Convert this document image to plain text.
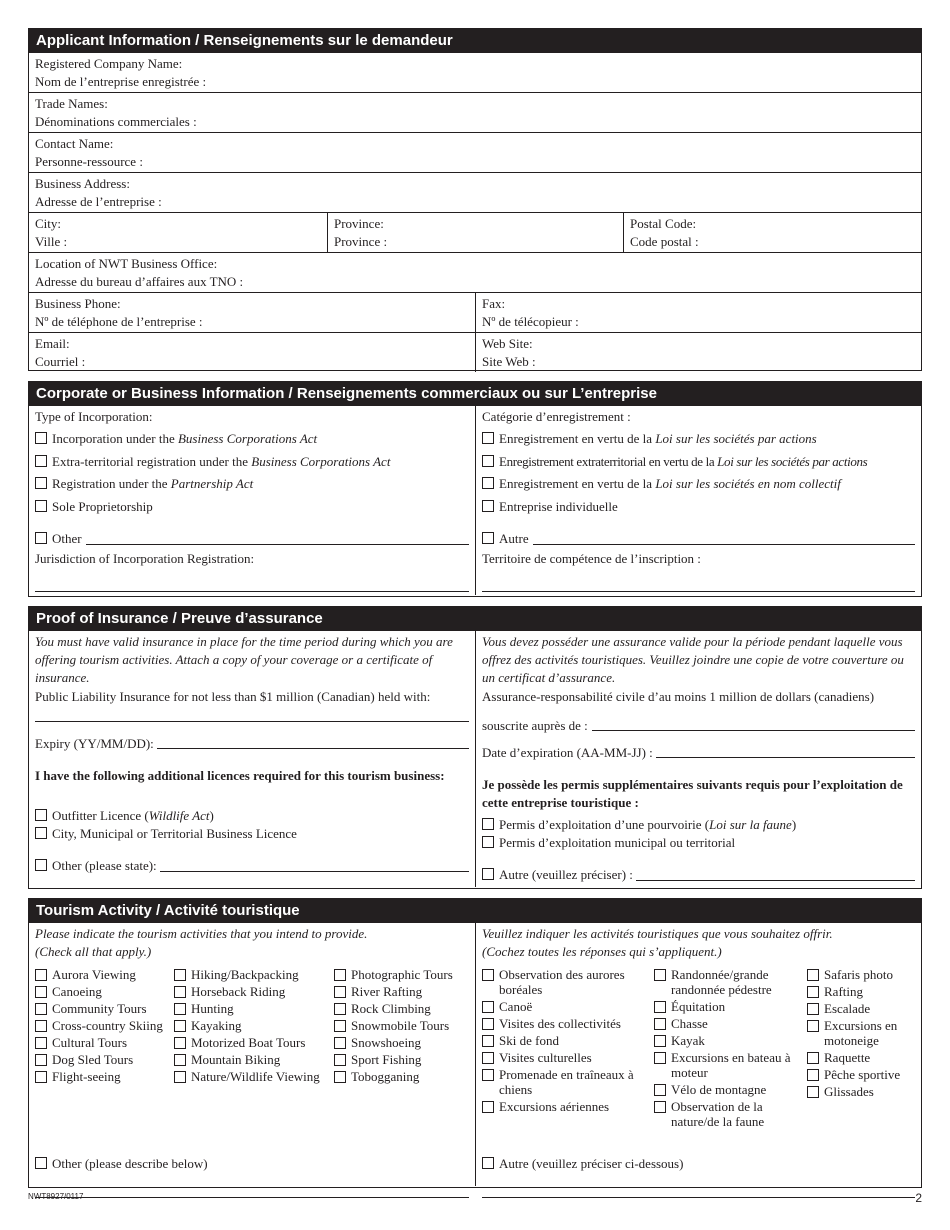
Applicant Information / Renseignements sur le demandeur
Registered Company Name:
Nom de l’entreprise enregistrée :
Trade Names:
Dénominations commerciales :
Contact Name:
Personne-ressource :
Business Address:
Adresse de l’entreprise :
City:
Ville :
Province:
Province :
Postal Code:
Code postal :
Location of NWT Business Office:
Adresse du bureau d’affaires aux TNO :
Business Phone:
Nº de téléphone de l’entreprise :
Fax:
Nº de télécopieur :
Email:
Courriel :
Web Site:
Site Web :
Corporate or Business Information / Renseignements commerciaux ou sur L’entreprise
Type of Incorporation:
Incorporation under the Business Corporations Act
Extra-territorial registration under the Business Corporations Act
Registration under the Partnership Act
Sole Proprietorship
Other
Jurisdiction of Incorporation Registration:
Catégorie d’enregistrement :
Enregistrement en vertu de la Loi sur les sociétés par actions
Enregistrement extraterritorial en vertu de la Loi sur les sociétés par actions
Enregistrement en vertu de la Loi sur les sociétés en nom collectif
Entreprise individuelle
Autre
Territoire de compétence de l’inscription :
Proof of Insurance / Preuve d’assurance
You must have valid insurance in place for the time period during which you are offering tourism activities. Attach a copy of your coverage or a certificate of insurance.
Public Liability Insurance for not less than $1 million (Canadian) held with:
Expiry (YY/MM/DD):
I have the following additional licences required for this tourism business:
Outfitter Licence (Wildlife Act)
City, Municipal or Territorial Business Licence
Other (please state):
Vous devez posséder une assurance valide pour la période pendant laquelle vous offrez des activités touristiques. Veuillez joindre une copie de votre couverture ou un certificat d’assurance.
Assurance-responsabilité civile d’au moins 1 million de dollars (canadiens)
souscrite auprès de :
Date d’expiration (AA-MM-JJ) :
Je possède les permis supplémentaires suivants requis pour l’exploitation de cette entreprise touristique :
Permis d’exploitation d’une pourvoirie (Loi sur la faune)
Permis d’exploitation municipal ou territorial
Autre (veuillez préciser) :
Tourism Activity / Activité touristique
Please indicate the tourism activities that you intend to provide.
(Check all that apply.)
Aurora Viewing
Canoeing
Community Tours
Cross-country Skiing
Cultural Tours
Dog Sled Tours
Flight-seeing
Hiking/Backpacking
Horseback Riding
Hunting
Kayaking
Motorized Boat Tours
Mountain Biking
Nature/Wildlife Viewing
Photographic Tours
River Rafting
Rock Climbing
Snowmobile Tours
Snowshoeing
Sport Fishing
Tobogganing
Other (please describe below)
Veuillez indiquer les activités touristiques que vous souhaitez offrir.
(Cochez toutes les réponses qui s’appliquent.)
Observation des aurores boréales
Canoë
Visites des collectivités
Ski de fond
Visites culturelles
Promenade en traîneaux à chiens
Excursions aériennes
Randonnée/grande randonnée pédestre
Équitation
Chasse
Kayak
Excursions en bateau à moteur
Vélo de montagne
Observation de la nature/de la faune
Safaris photo
Rafting
Escalade
Excursions en motoneige
Raquette
Pêche sportive
Glissades
Autre (veuillez préciser ci-dessous)
NWT8927/0117	2
